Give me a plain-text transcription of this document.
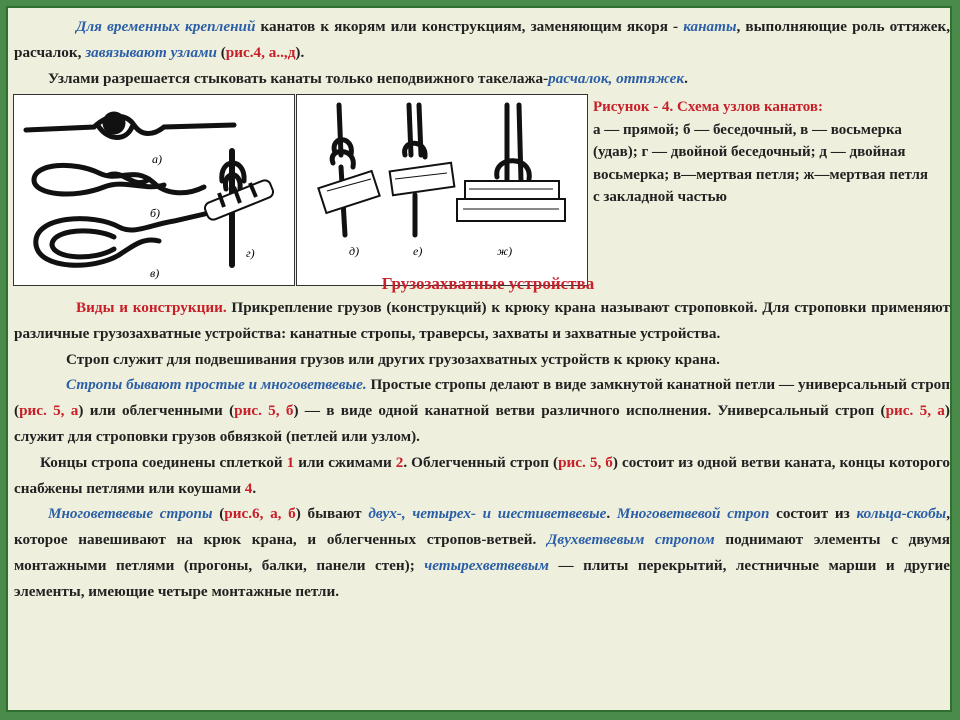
Для временных креплений канатов к якорям или конструкциям, заменяющим якоря - канаты, выполняющие роль оттяжек, расчалок, завязывают узлами (рис.4, а..,д).

Узлами разрешается стыковать канаты только неподвижного такелажа-расчалок, оттяжек.

а)
б)
в)
г)	д)	е)	ж)
Рисунок - 4. Схема узлов канатов:
а — прямой; б — беседочный, в — восьмерка (удав); г — двойной беседочный; д — двойная восьмерка; в—мертвая петля; ж—мертвая петля с закладной частью
Грузозахватные устройства

Виды и конструкции. Прикрепление грузов (конструкций) к крюку крана называют строповкой. Для строповки применяют различные грузозахватные устройства: канатные стропы, траверсы, захваты и захватные устройства.

Строп служит для подвешивания грузов или других грузозахватных устройств к крюку крана.

Стропы бывают простые и многоветвевые. Простые стропы делают в виде замкнутой канатной петли — универсальный строп (рис. 5, а) или облегченными (рис. 5, б) — в виде одной канатной ветви различного исполнения. Универсальный строп (рис. 5, а) служит для строповки грузов обвязкой (петлей или узлом).

Концы стропа соединены сплеткой 1 или сжимами 2. Облегченный строп (рис. 5, б) состоит из одной ветви каната, концы которого снабжены петлями или коушами 4.

Многоветвевые стропы (рис.6, а, б) бывают двух-, четырех- и шестиветвевые. Многоветвевой строп состоит из кольца-скобы, которое навешивают на крюк крана, и облегченных стропов-ветвей. Двухветвевым стропом поднимают элементы с двумя монтажными петлями (прогоны, балки, панели стен); четырехветвевым — плиты перекрытий, лестничные марши и другие элементы, имеющие четыре монтажные петли.
